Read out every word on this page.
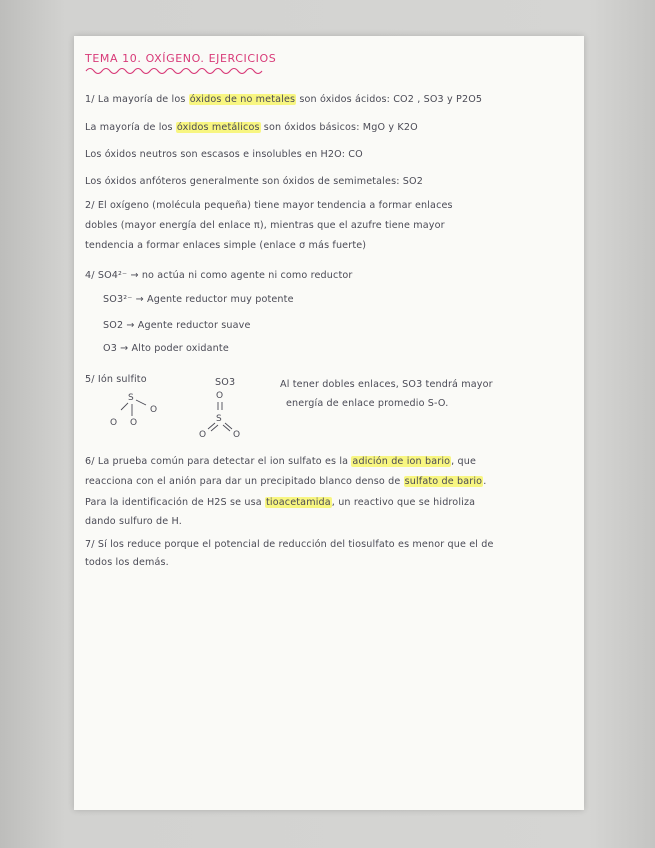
TEMA 10. OXÍGENO. EJERCICIOS
1/ La mayoría de los óxidos de no metales son óxidos ácidos: CO2 , SO3 y P2O5
La mayoría de los óxidos metálicos son óxidos básicos: MgO y K2O
Los óxidos neutros son escasos e insolubles en H2O: CO
Los óxidos anfóteros generalmente son óxidos de semimetales: SO2
2/ El oxígeno (molécula pequeña) tiene mayor tendencia a formar enlaces
dobles (mayor energía del enlace π), mientras que el azufre tiene mayor
tendencia a formar enlaces simple (enlace σ más fuerte)
4/ SO4²⁻ → no actúa ni como agente ni como reductor
SO3²⁻ → Agente reductor muy potente
SO2 → Agente reductor suave
O3 → Alto poder oxidante
5/ Ión sulfito	SO3	Al tener dobles enlaces, SO3 tendrá mayor
energía de enlace promedio S-O.
S
O
O O
O
S
O	O
6/ La prueba común para detectar el ion sulfato es la adición de ion bario, que
reacciona con el anión para dar un precipitado blanco denso de sulfato de bario.
Para la identificación de H2S se usa tioacetamida, un reactivo que se hidroliza
dando sulfuro de H.
7/ Sí los reduce porque el potencial de reducción del tiosulfato es menor que el de
todos los demás.
